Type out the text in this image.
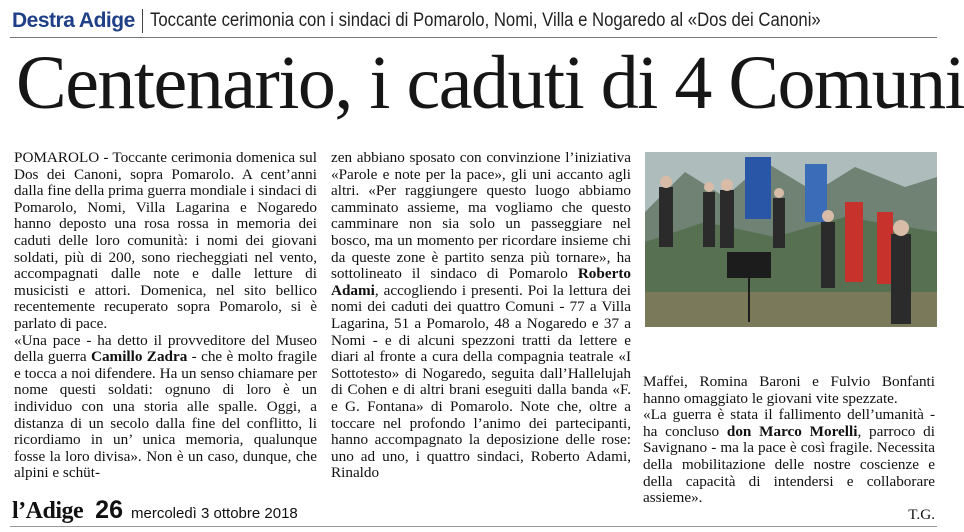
Destra Adige Toccante cerimonia con i sindaci di Pomarolo, Nomi, Villa e Nogaredo al «Dos dei Canoni»
Centenario, i caduti di 4 Comuni

POMAROLO - Toccante cerimonia domenica sul Dos dei Canoni, sopra Pomarolo. A cent’anni dalla fine della prima guerra mondiale i sindaci di Pomarolo, Nomi, Villa Lagarina e Nogaredo hanno deposto una rosa rossa in memoria dei caduti delle loro comunità: i nomi dei giovani soldati, più di 200, sono riecheggiati nel vento, accompagnati dalle note e dalle letture di musicisti e attori. Domenica, nel sito bellico recentemente recuperato sopra Pomarolo, si è parlato di pace.

«Una pace - ha detto il provveditore del Museo della guerra Camillo Zadra - che è molto fragile e tocca a noi difendere. Ha un senso chiamare per nome questi soldati: ognuno di loro è un individuo con una storia alle spalle. Oggi, a distanza di un secolo dalla fine del conflitto, li ricordiamo in un’ unica memoria, qualunque fosse la loro divisa». Non è un caso, dunque, che alpini e schüt-

zen abbiano sposato con convinzione l’iniziativa «Parole e note per la pace», gli uni accanto agli altri. «Per raggiungere questo luogo abbiamo camminato assieme, ma vogliamo che questo camminare non sia solo un passeggiare nel bosco, ma un momento per ricordare insieme chi da queste zone è partito senza più tornare», ha sottolineato il sindaco di Pomarolo Roberto Adami, accogliendo i presenti. Poi la lettura dei nomi dei caduti dei quattro Comuni - 77 a Villa Lagarina, 51 a Pomarolo, 48 a Nogaredo e 37 a Nomi - e di alcuni spezzoni tratti da lettere e diari al fronte a cura della compagnia teatrale «I Sottotesto» di Nogaredo, seguita dall’Hallelujah di Cohen e di altri brani eseguiti dalla banda «F. e G. Fontana» di Pomarolo. Note che, oltre a toccare nel profondo l’animo dei partecipanti, hanno accompagnato la deposizione delle rose: uno ad uno, i quattro sindaci, Roberto Adami, Rinaldo

Maffei, Romina Baroni e Fulvio Bonfanti hanno omaggiato le giovani vite spezzate.

«La guerra è stata il fallimento dell’umanità - ha concluso don Marco Morelli, parroco di Savignano - ma la pace è così fragile. Necessita della mobilitazione delle nostre coscienze e della capacità di intendersi e collaborare assieme».

T.G.

l’Adige 26 mercoledì 3 ottobre 2018
